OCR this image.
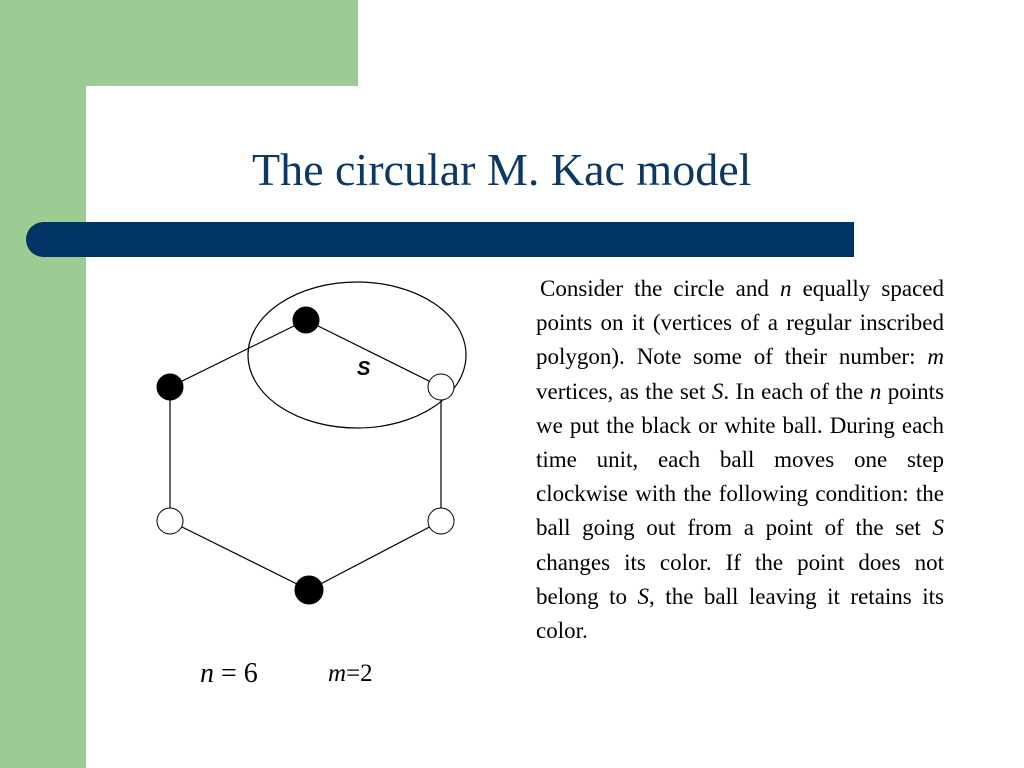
The circular M. Kac model
S
n = 6	m=2

Consider the circle and n equally spaced points on it (vertices of a regular inscribed polygon). Note some of their number: m vertices, as the set S. In each of the n points we put the black or white ball. During each time unit, each ball moves one step clockwise with the following condition: the ball going out from a point of the set S changes its color. If the point does not belong to S, the ball leaving it retains its color.
